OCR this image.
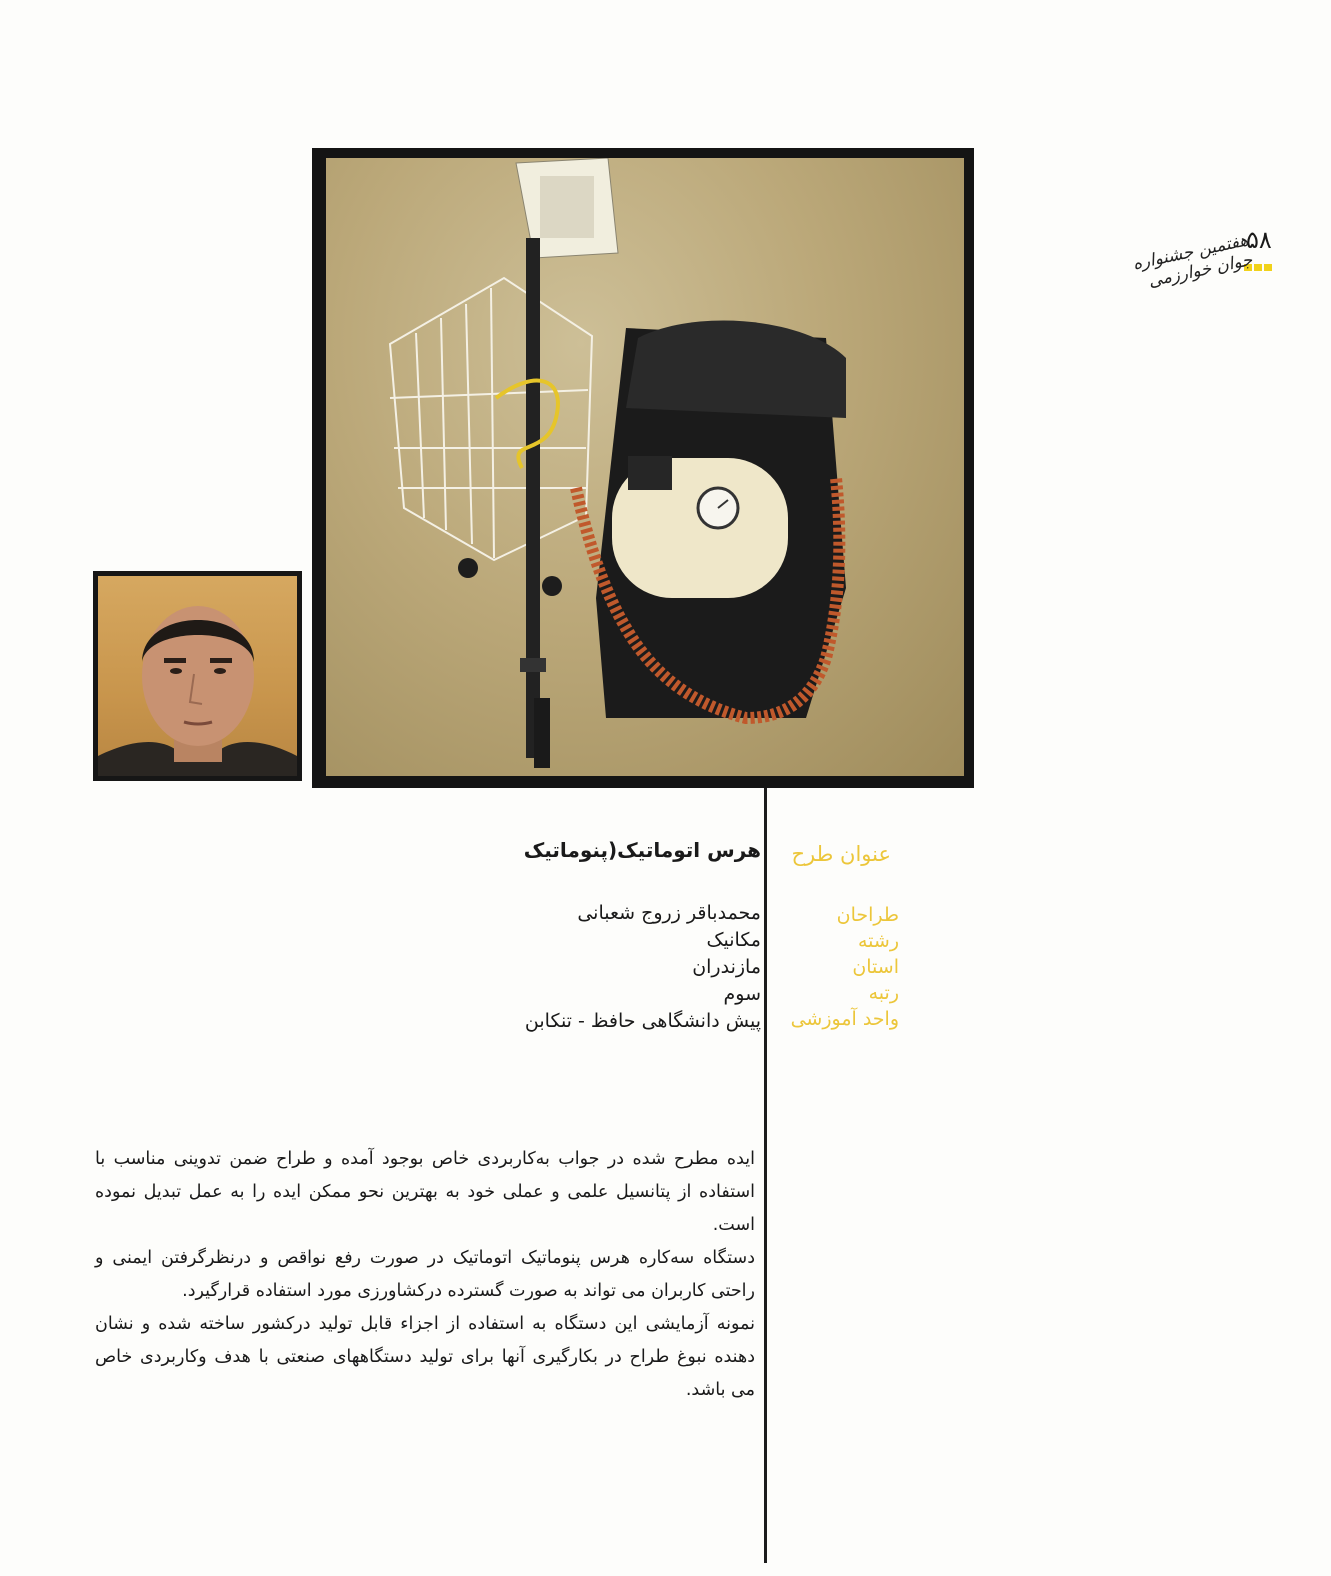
۵۸
هفتمین جشنواره جوان خوارزمی
عنوان طرح
هرس اتوماتیک(پنوماتیک
طراحان
رشته
استان
رتبه
واحد آموزشی
محمدباقر زروج شعبانی
مکانیک
مازندران
سوم
پیش دانشگاهی حافظ - تنکابن

ایده مطرح شده در جواب به‌کاربردی خاص بوجود آمده و طراح ضمن تدوینی مناسب با استفاده از پتانسیل علمی و عملی خود به بهترین نحو ممکن ایده را به عمل تبدیل نموده است.

دستگاه سه‌کاره هرس پنوماتیک اتوماتیک در صورت رفع نواقص و درنظرگرفتن ایمنی و راحتی کاربران می تواند به صورت گسترده درکشاورزی مورد استفاده قرارگیرد.

نمونه آزمایشی این دستگاه به استفاده از اجزاء قابل تولید درکشور ساخته شده و نشان دهنده نبوغ طراح در بکارگیری آنها برای تولید دستگاههای صنعتی با هدف وکاربردی خاص می باشد.
